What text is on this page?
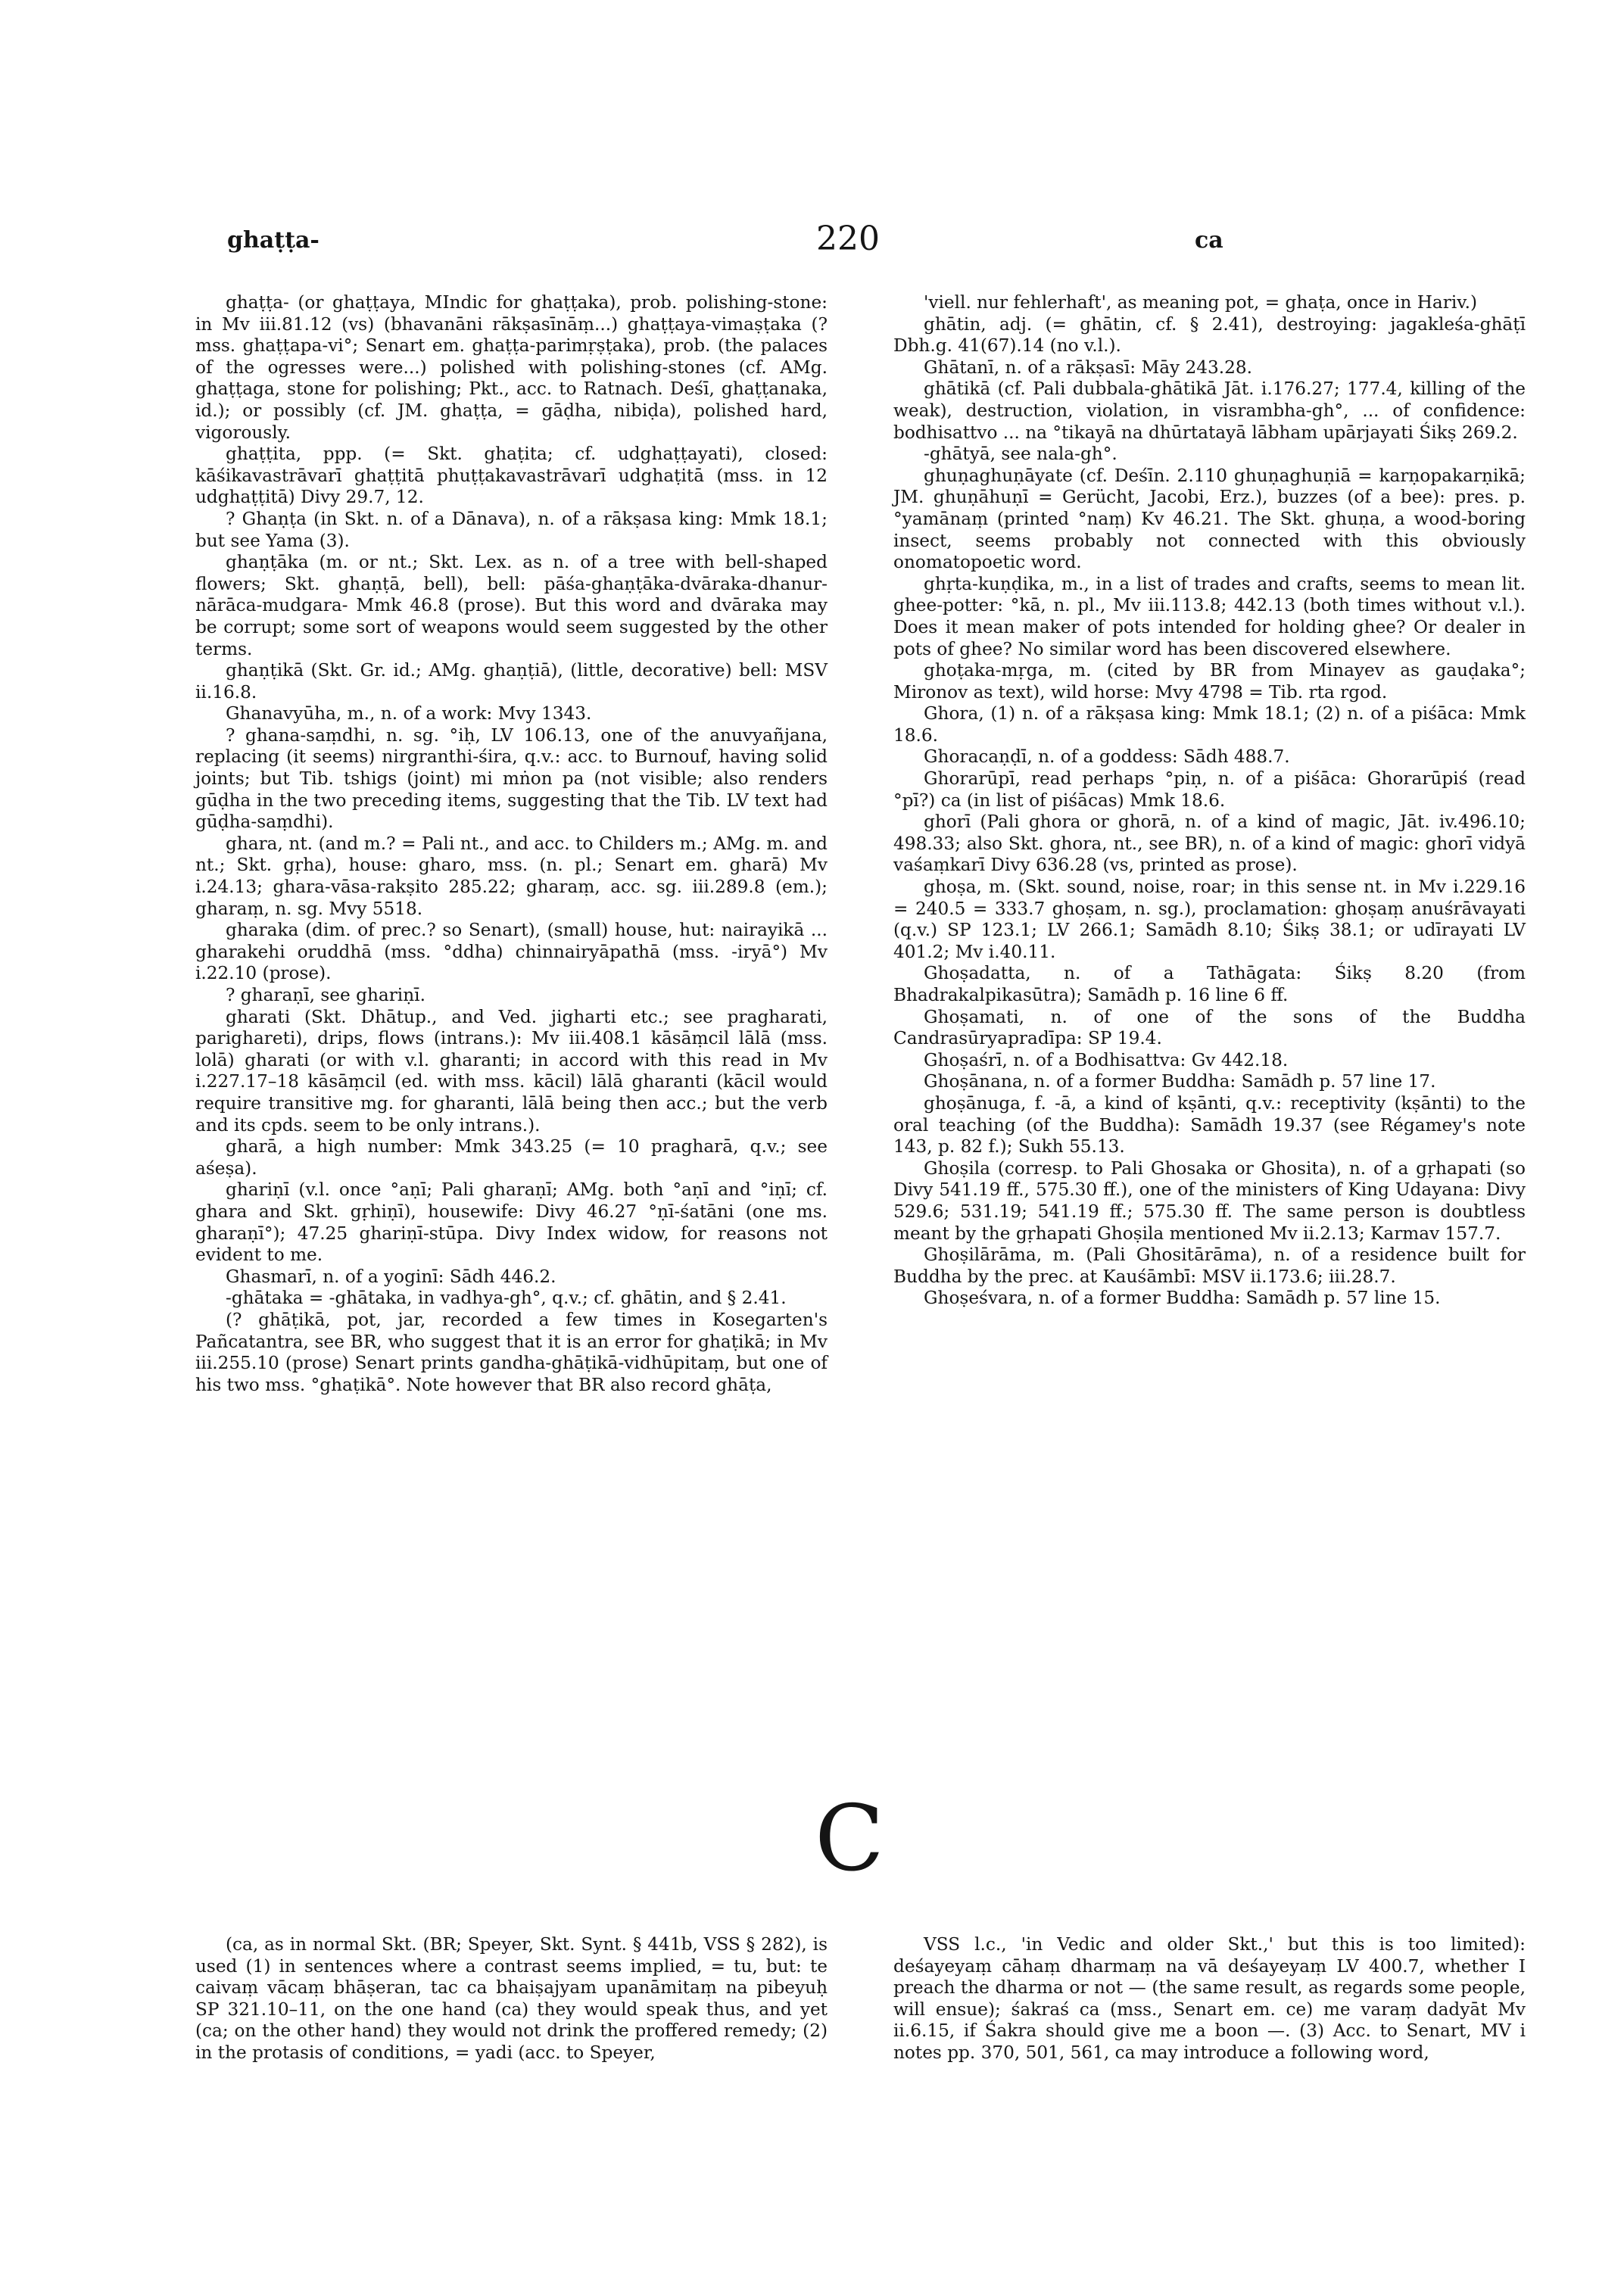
ghaṭṭa-	220	ca

ghaṭṭa- (or ghaṭṭaya, MIndic for ghaṭṭaka), prob. polishing-stone: in Mv iii.81.12 (vs) (bhavanāni rākṣasīnāṃ...) ghaṭṭaya-vimaṣṭaka (? mss. ghaṭṭapa-vi°; Senart em. ghaṭṭa-parimṛṣṭaka), prob. (the palaces of the ogresses were...) polished with polishing-stones (cf. AMg. ghaṭṭaga, stone for polishing; Pkt., acc. to Ratnach. Deśī, ghaṭṭanaka, id.); or possibly (cf. JM. ghaṭṭa, = gāḍha, nibiḍa), polished hard, vigorously.

ghaṭṭita, ppp. (= Skt. ghaṭita; cf. udghaṭṭayati), closed: kāśikavastrāvarī ghaṭṭitā phuṭṭakavastrāvarī udghaṭitā (mss. in 12 udghaṭṭitā) Divy 29.7, 12.

? Ghaṇṭa (in Skt. n. of a Dānava), n. of a rākṣasa king: Mmk 18.1; but see Yama (3).

ghaṇṭāka (m. or nt.; Skt. Lex. as n. of a tree with bell-shaped flowers; Skt. ghaṇṭā, bell), bell: pāśa-ghaṇṭāka-dvāraka-dhanur-nārāca-mudgara- Mmk 46.8 (prose). But this word and dvāraka may be corrupt; some sort of weapons would seem suggested by the other terms.

ghaṇṭikā (Skt. Gr. id.; AMg. ghaṇṭiā), (little, decorative) bell: MSV ii.16.8.

Ghanavyūha, m., n. of a work: Mvy 1343.

? ghana-saṃdhi, n. sg. °iḥ, LV 106.13, one of the anuvyañjana, replacing (it seems) nirgranthi-śira, q.v.: acc. to Burnouf, having solid joints; but Tib. tshigs (joint) mi mṅon pa (not visible; also renders gūḍha in the two preceding items, suggesting that the Tib. LV text had gūḍha-saṃdhi).

ghara, nt. (and m.? = Pali nt., and acc. to Childers m.; AMg. m. and nt.; Skt. gṛha), house: gharo, mss. (n. pl.; Senart em. gharā) Mv i.24.13; ghara-vāsa-rakṣito 285.22; gharaṃ, acc. sg. iii.289.8 (em.); gharaṃ, n. sg. Mvy 5518.

gharaka (dim. of prec.? so Senart), (small) house, hut: nairayikā ... gharakehi oruddhā (mss. °ddha) chinnairyāpathā (mss. -iryā°) Mv i.22.10 (prose).

? gharaṇī, see ghariṇī.

gharati (Skt. Dhātup., and Ved. jigharti etc.; see pragharati, parighareti), drips, flows (intrans.): Mv iii.408.1 kāsāṃcil lālā (mss. lolā) gharati (or with v.l. gharanti; in accord with this read in Mv i.227.17–18 kāsāṃcil (ed. with mss. kācil) lālā gharanti (kācil would require transitive mg. for gharanti, lālā being then acc.; but the verb and its cpds. seem to be only intrans.).

gharā, a high number: Mmk 343.25 (= 10 pragharā, q.v.; see aśeṣa).

ghariṇī (v.l. once °aṇī; Pali gharaṇī; AMg. both °aṇī and °iṇī; cf. ghara and Skt. gṛhiṇī), housewife: Divy 46.27 °ṇī-śatāni (one ms. gharaṇī°); 47.25 ghariṇī-stūpa. Divy Index widow, for reasons not evident to me.

Ghasmarī, n. of a yoginī: Sādh 446.2.

-ghātaka = -ghātaka, in vadhya-gh°, q.v.; cf. ghātin, and § 2.41.

(? ghāṭikā, pot, jar, recorded a few times in Kosegarten's Pañcatantra, see BR, who suggest that it is an error for ghaṭikā; in Mv iii.255.10 (prose) Senart prints gandha-ghāṭikā-vidhūpitaṃ, but one of his two mss. °ghaṭikā°. Note however that BR also record ghāṭa,

'viell. nur fehlerhaft', as meaning pot, = ghaṭa, once in Hariv.)

ghātin, adj. (= ghātin, cf. § 2.41), destroying: jagakleśa-ghāṭī Dbh.g. 41(67).14 (no v.l.).

Ghātanī, n. of a rākṣasī: Māy 243.28.

ghātikā (cf. Pali dubbala-ghātikā Jāt. i.176.27; 177.4, killing of the weak), destruction, violation, in visrambha-gh°, ... of confidence: bodhisattvo ... na °tikayā na dhūrtatayā lābham upārjayati Śikṣ 269.2.

-ghātyā, see nala-gh°.

ghuṇaghuṇāyate (cf. Deśīn. 2.110 ghuṇaghuṇiā = karṇopakarṇikā; JM. ghuṇāhuṇī = Gerücht, Jacobi, Erz.), buzzes (of a bee): pres. p. °yamānaṃ (printed °naṃ) Kv 46.21. The Skt. ghuṇa, a wood-boring insect, seems probably not connected with this obviously onomatopoetic word.

ghṛta-kuṇḍika, m., in a list of trades and crafts, seems to mean lit. ghee-potter: °kā, n. pl., Mv iii.113.8; 442.13 (both times without v.l.). Does it mean maker of pots intended for holding ghee? Or dealer in pots of ghee? No similar word has been discovered elsewhere.

ghoṭaka-mṛga, m. (cited by BR from Minayev as gauḍaka°; Mironov as text), wild horse: Mvy 4798 = Tib. rta rgod.

Ghora, (1) n. of a rākṣasa king: Mmk 18.1; (2) n. of a piśāca: Mmk 18.6.

Ghoracaṇḍī, n. of a goddess: Sādh 488.7.

Ghorarūpī, read perhaps °piṇ, n. of a piśāca: Ghorarūpiś (read °pī?) ca (in list of piśācas) Mmk 18.6.

ghorī (Pali ghora or ghorā, n. of a kind of magic, Jāt. iv.496.10; 498.33; also Skt. ghora, nt., see BR), n. of a kind of magic: ghorī vidyā vaśaṃkarī Divy 636.28 (vs, printed as prose).

ghoṣa, m. (Skt. sound, noise, roar; in this sense nt. in Mv i.229.16 = 240.5 = 333.7 ghoṣam, n. sg.), proclamation: ghoṣaṃ anuśrāvayati (q.v.) SP 123.1; LV 266.1; Samādh 8.10; Śikṣ 38.1; or udīrayati LV 401.2; Mv i.40.11.

Ghoṣadatta, n. of a Tathāgata: Śikṣ 8.20 (from Bhadrakalpikasūtra); Samādh p. 16 line 6 ff.

Ghoṣamati, n. of one of the sons of the Buddha Candrasūryapradīpa: SP 19.4.

Ghoṣaśrī, n. of a Bodhisattva: Gv 442.18.

Ghoṣānana, n. of a former Buddha: Samādh p. 57 line 17.

ghoṣānuga, f. -ā, a kind of kṣānti, q.v.: receptivity (kṣānti) to the oral teaching (of the Buddha): Samādh 19.37 (see Régamey's note 143, p. 82 f.); Sukh 55.13.

Ghoṣila (corresp. to Pali Ghosaka or Ghosita), n. of a gṛhapati (so Divy 541.19 ff., 575.30 ff.), one of the ministers of King Udayana: Divy 529.6; 531.19; 541.19 ff.; 575.30 ff. The same person is doubtless meant by the gṛhapati Ghoṣila mentioned Mv ii.2.13; Karmav 157.7.

Ghoṣilārāma, m. (Pali Ghositārāma), n. of a residence built for Buddha by the prec. at Kauśāmbī: MSV ii.173.6; iii.28.7.

Ghoṣeśvara, n. of a former Buddha: Samādh p. 57 line 15.

C

(ca, as in normal Skt. (BR; Speyer, Skt. Synt. § 441b, VSS § 282), is used (1) in sentences where a contrast seems implied, = tu, but: te caivaṃ vācaṃ bhāṣeran, tac ca bhaiṣajyam upanāmitaṃ na pibeyuḥ SP 321.10–11, on the one hand (ca) they would speak thus, and yet (ca; on the other hand) they would not drink the proffered remedy; (2) in the protasis of conditions, = yadi (acc. to Speyer,

VSS l.c., 'in Vedic and older Skt.,' but this is too limited): deśayeyaṃ cāhaṃ dharmaṃ na vā deśayeyaṃ LV 400.7, whether I preach the dharma or not — (the same result, as regards some people, will ensue); śakraś ca (mss., Senart em. ce) me varaṃ dadyāt Mv ii.6.15, if Śakra should give me a boon —. (3) Acc. to Senart, MV i notes pp. 370, 501, 561, ca may introduce a following word,
